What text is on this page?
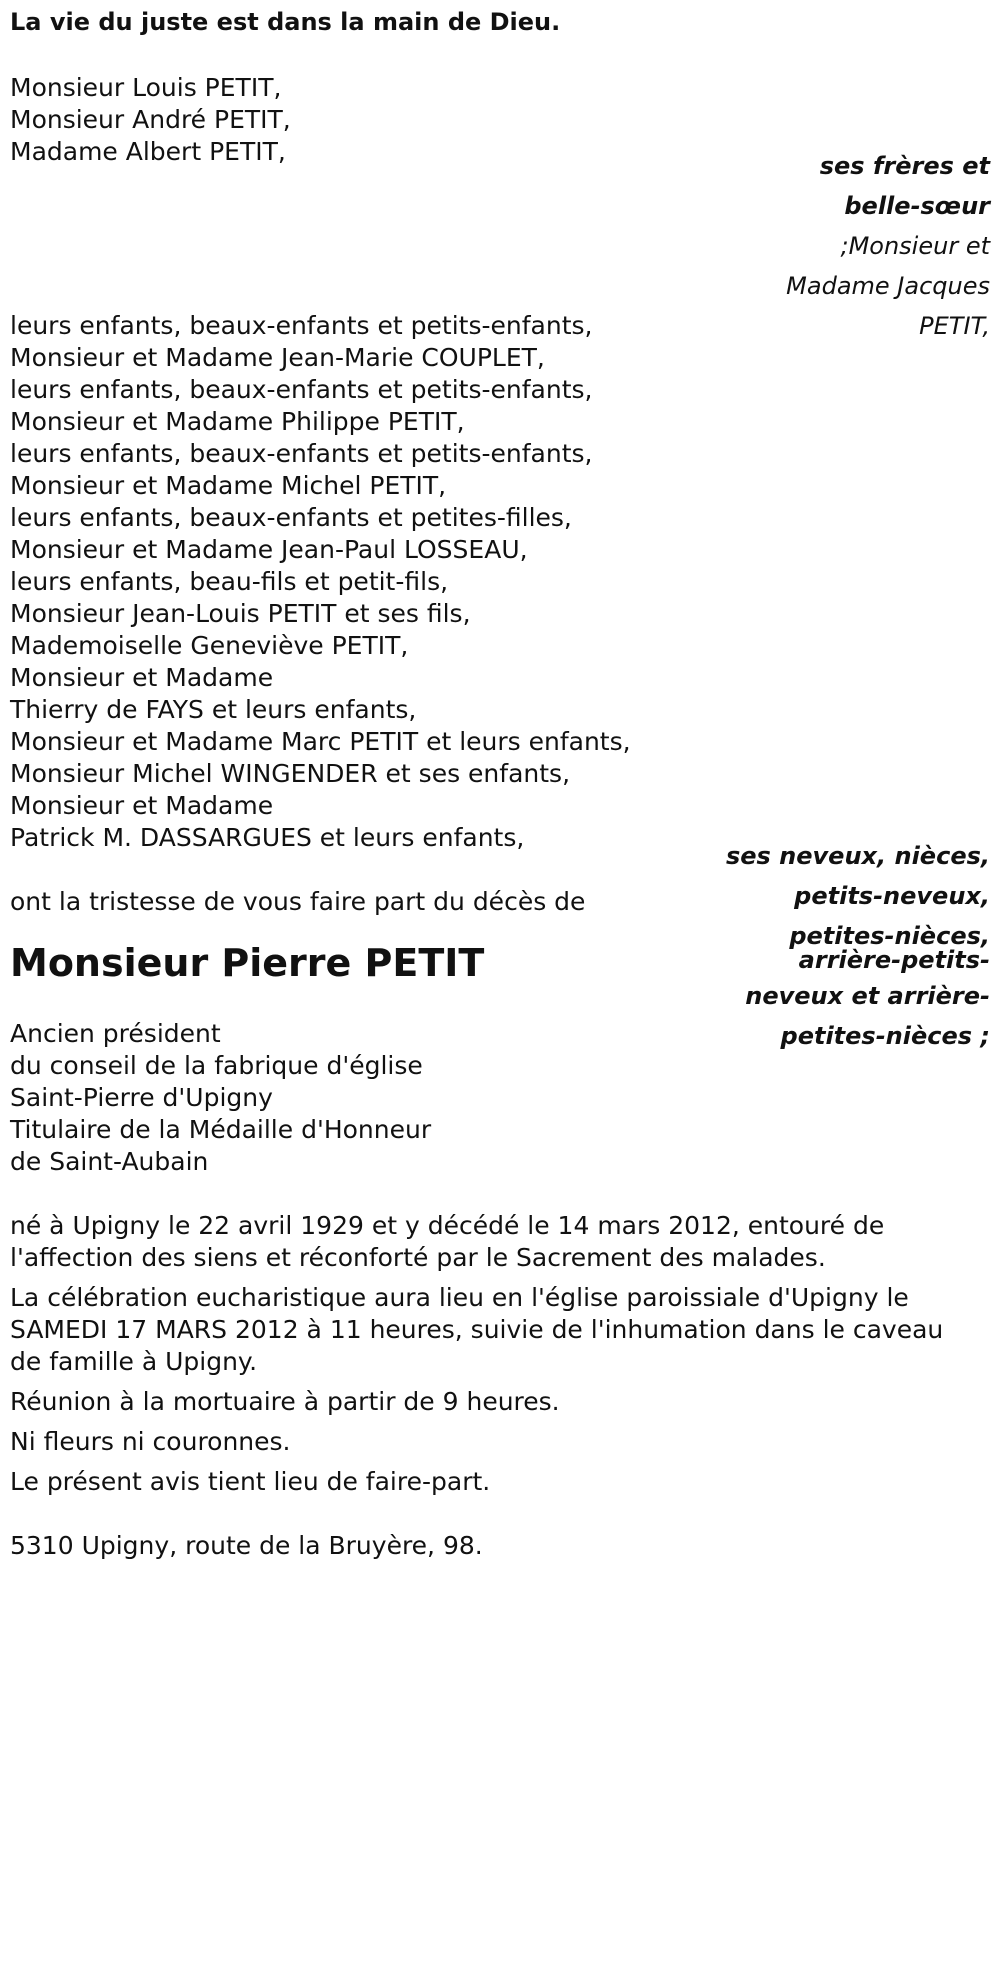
La vie du juste est dans la main de Dieu.
Monsieur Louis PETIT,
Monsieur André PETIT,
Madame Albert PETIT,	ses frères et
belle-sœur
;Monsieur et
Madame Jacques
PETIT,
leurs enfants, beaux-enfants et petits-enfants,
Monsieur et Madame Jean-Marie COUPLET,
leurs enfants, beaux-enfants et petits-enfants,
Monsieur et Madame Philippe PETIT,
leurs enfants, beaux-enfants et petits-enfants,
Monsieur et Madame Michel PETIT,
leurs enfants, beaux-enfants et petites-filles,
Monsieur et Madame Jean-Paul LOSSEAU,
leurs enfants, beau-fils et petit-fils,
Monsieur Jean-Louis PETIT et ses fils,
Mademoiselle Geneviève PETIT,
Monsieur et Madame
Thierry de FAYS et leurs enfants,
Monsieur et Madame Marc PETIT et leurs enfants,
Monsieur Michel WINGENDER et ses enfants,
Monsieur et Madame
Patrick M. DASSARGUES et leurs enfants,
ses neveux, nièces,
petits-neveux,
petites-nièces,
arrière-petits-
neveux et arrière-
petites-nièces ;
ont la tristesse de vous faire part du décès de
Monsieur Pierre PETIT
Ancien président
du conseil de la fabrique d'église
Saint-Pierre d'Upigny
Titulaire de la Médaille d'Honneur
de Saint-Aubain
né à Upigny le 22 avril 1929 et y décédé le 14 mars 2012, entouré de
l'affection des siens et réconforté par le Sacrement des malades.
La célébration eucharistique aura lieu en l'église paroissiale d'Upigny le
SAMEDI 17 MARS 2012 à 11 heures, suivie de l'inhumation dans le caveau
de famille à Upigny.
Réunion à la mortuaire à partir de 9 heures.
Ni fleurs ni couronnes.
Le présent avis tient lieu de faire-part.
5310 Upigny, route de la Bruyère, 98.
